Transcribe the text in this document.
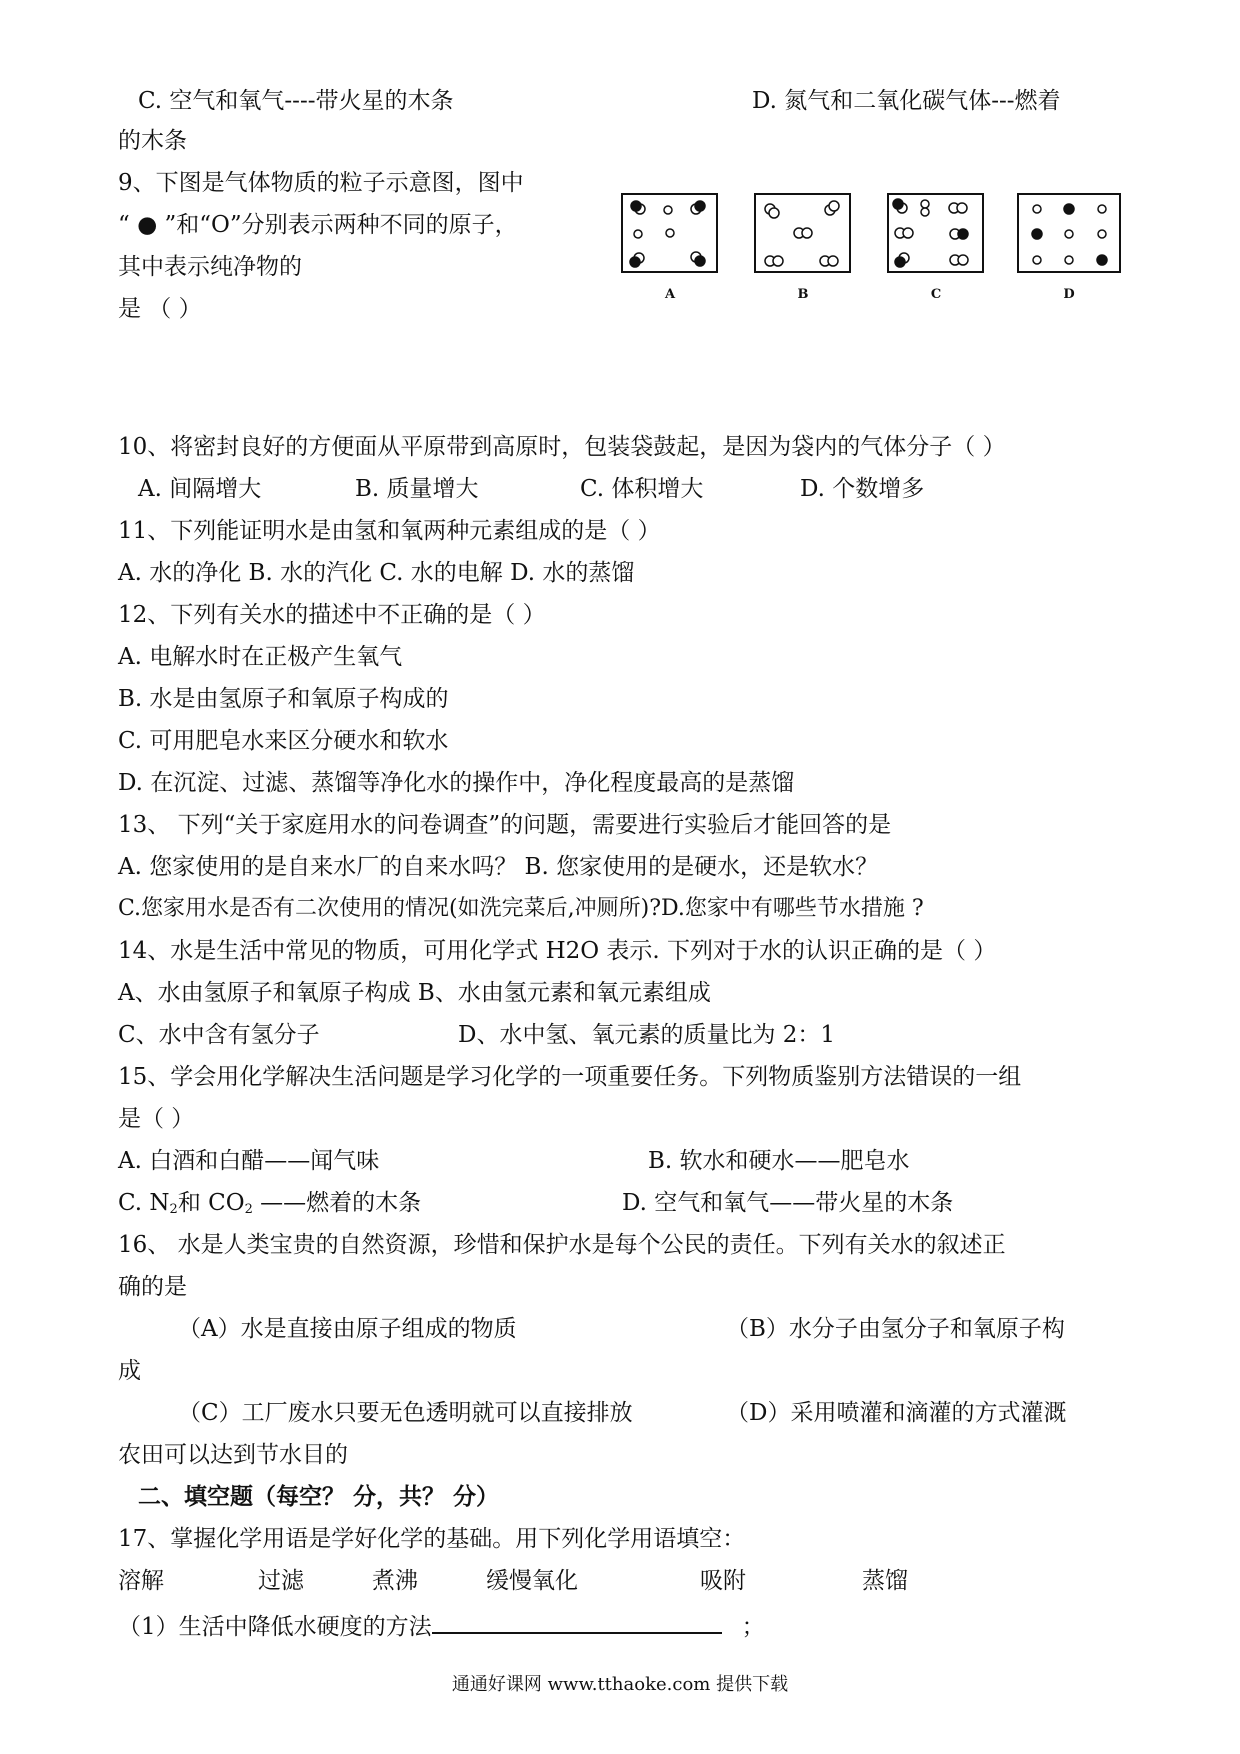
C. 空气和氧气----带火星的木条	D. 氮气和二氧化碳气体---燃着
的木条
9、下图是气体物质的粒子示意图，图中
“ ● ”和“O”分别表示两种不同的原子，
其中表示纯净物的
是 （ ）
A	B	C	D
10、将密封良好的方便面从平原带到高原时，包装袋鼓起，是因为袋内的气体分子（ ）
A. 间隔增大	B. 质量增大	C. 体积增大	D. 个数增多
11、下列能证明水是由氢和氧两种元素组成的是（ ）
A. 水的净化 B. 水的汽化 C. 水的电解 D. 水的蒸馏
12、下列有关水的描述中不正确的是（ ）
A. 电解水时在正极产生氧气
B. 水是由氢原子和氧原子构成的
C. 可用肥皂水来区分硬水和软水
D. 在沉淀、过滤、蒸馏等净化水的操作中，净化程度最高的是蒸馏
13、 下列“关于家庭用水的问卷调查”的问题，需要进行实验后才能回答的是
A. 您家使用的是自来水厂的自来水吗？ B. 您家使用的是硬水，还是软水？
C.您家用水是否有二次使用的情况(如洗完菜后,冲厕所)?D.您家中有哪些节水措施 ?
14、水是生活中常见的物质，可用化学式 H2O 表示. 下列对于水的认识正确的是（ ）
A、水由氢原子和氧原子构成 B、水由氢元素和氧元素组成
C、水中含有氢分子	D、水中氢、氧元素的质量比为 2：1
15、学会用化学解决生活问题是学习化学的一项重要任务。下列物质鉴别方法错误的一组
是（ ）
A. 白酒和白醋——闻气味	B. 软水和硬水——肥皂水
C. $N_2$和 $CO_2$ ——燃着的木条	D. 空气和氧气——带火星的木条
16、 水是人类宝贵的自然资源，珍惜和保护水是每个公民的责任。下列有关水的叙述正
确的是
（A）水是直接由原子组成的物质	（B）水分子由氢分子和氧原子构
成
（C）工厂废水只要无色透明就可以直接排放	（D）采用喷灌和滴灌的方式灌溉
农田可以达到节水目的
二、填空题（每空？ 分，共？ 分）
17、掌握化学用语是学好化学的基础。用下列化学用语填空：
溶解	过滤	煮沸	缓慢氧化	吸附	蒸馏
（1）生活中降低水硬度的方法	；
通通好课网 www.tthaoke.com 提供下载
